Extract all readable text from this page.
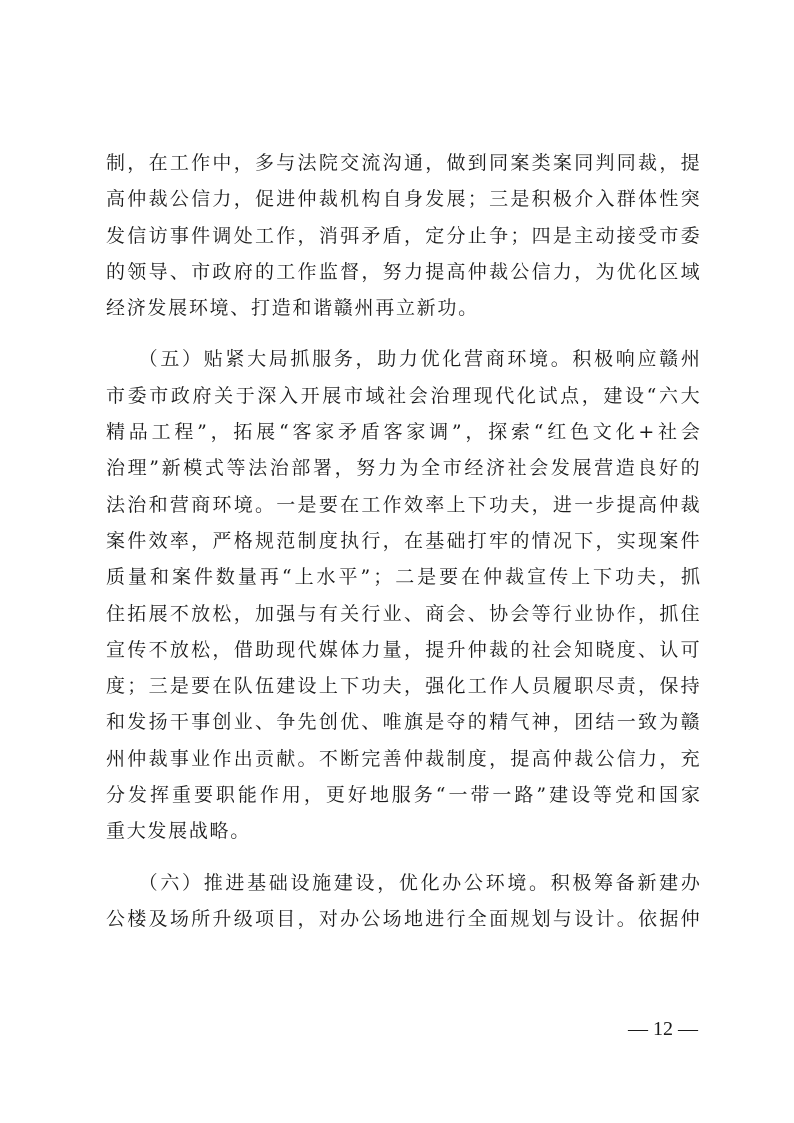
制 ， 在 工 作 中 ， 多 与 法 院 交 流 沟 通 ， 做 到 同 案 类 案 同 判 同 裁 ， 提
高 仲 裁 公 信 力 ， 促 进 仲 裁 机 构 自 身 发 展 ； 三 是 积 极 介 入 群 体 性 突
发 信 访 事 件 调 处 工 作 ， 消 弭 矛 盾 ， 定 分 止 争 ； 四 是 主 动 接 受 市 委
的 领 导 、 市 政 府 的 工 作 监 督 ， 努 力 提 高 仲 裁 公 信 力 ， 为 优 化 区 域
经济发展环境、打造和谐赣州再立新功。
（ 五 ） 贴 紧 大 局 抓 服 务 ， 助 力 优 化 营 商 环 境 。 积 极 响 应 赣 州
市 委 市 政 府 关 于 深 入 开 展 市 域 社 会 治 理 现 代 化 试 点 ， 建 设 “ 六 大
精 品 工 程 ” ， 拓 展 “ 客 家 矛 盾 客 家 调 ” ， 探 索 “ 红 色 文 化 + 社 会
治 理 ” 新 模 式 等 法 治 部 署 ， 努 力 为 全 市 经 济 社 会 发 展 营 造 良 好 的
法 治 和 营 商 环 境 。 一 是 要 在 工 作 效 率 上 下 功 夫 ， 进 一 步 提 高 仲 裁
案 件 效 率 ， 严 格 规 范 制 度 执 行 ， 在 基 础 打 牢 的 情 况 下 ， 实 现 案 件
质 量 和 案 件 数 量 再 “ 上 水 平 ” ； 二 是 要 在 仲 裁 宣 传 上 下 功 夫 ， 抓
住 拓 展 不 放 松 ， 加 强 与 有 关 行 业 、 商 会 、 协 会 等 行 业 协 作 ， 抓 住
宣 传 不 放 松 ， 借 助 现 代 媒 体 力 量 ， 提 升 仲 裁 的 社 会 知 晓 度 、 认 可
度 ； 三 是 要 在 队 伍 建 设 上 下 功 夫 ， 强 化 工 作 人 员 履 职 尽 责 ， 保 持
和 发 扬 干 事 创 业 、 争 先 创 优 、 唯 旗 是 夺 的 精 气 神 ， 团 结 一 致 为 赣
州 仲 裁 事 业 作 出 贡 献 。 不 断 完 善 仲 裁 制 度 ， 提 高 仲 裁 公 信 力 ， 充
分 发 挥 重 要 职 能 作 用 ， 更 好 地 服 务 “ 一 带 一 路 ” 建 设 等 党 和 国 家
重大发展战略。
（ 六 ） 推 进 基 础 设 施 建 设 ， 优 化 办 公 环 境 。 积 极 筹 备 新 建 办
公 楼 及 场 所 升 级 项 目 ， 对 办 公 场 地 进 行 全 面 规 划 与 设 计 。 依 据 仲
— 12 —
